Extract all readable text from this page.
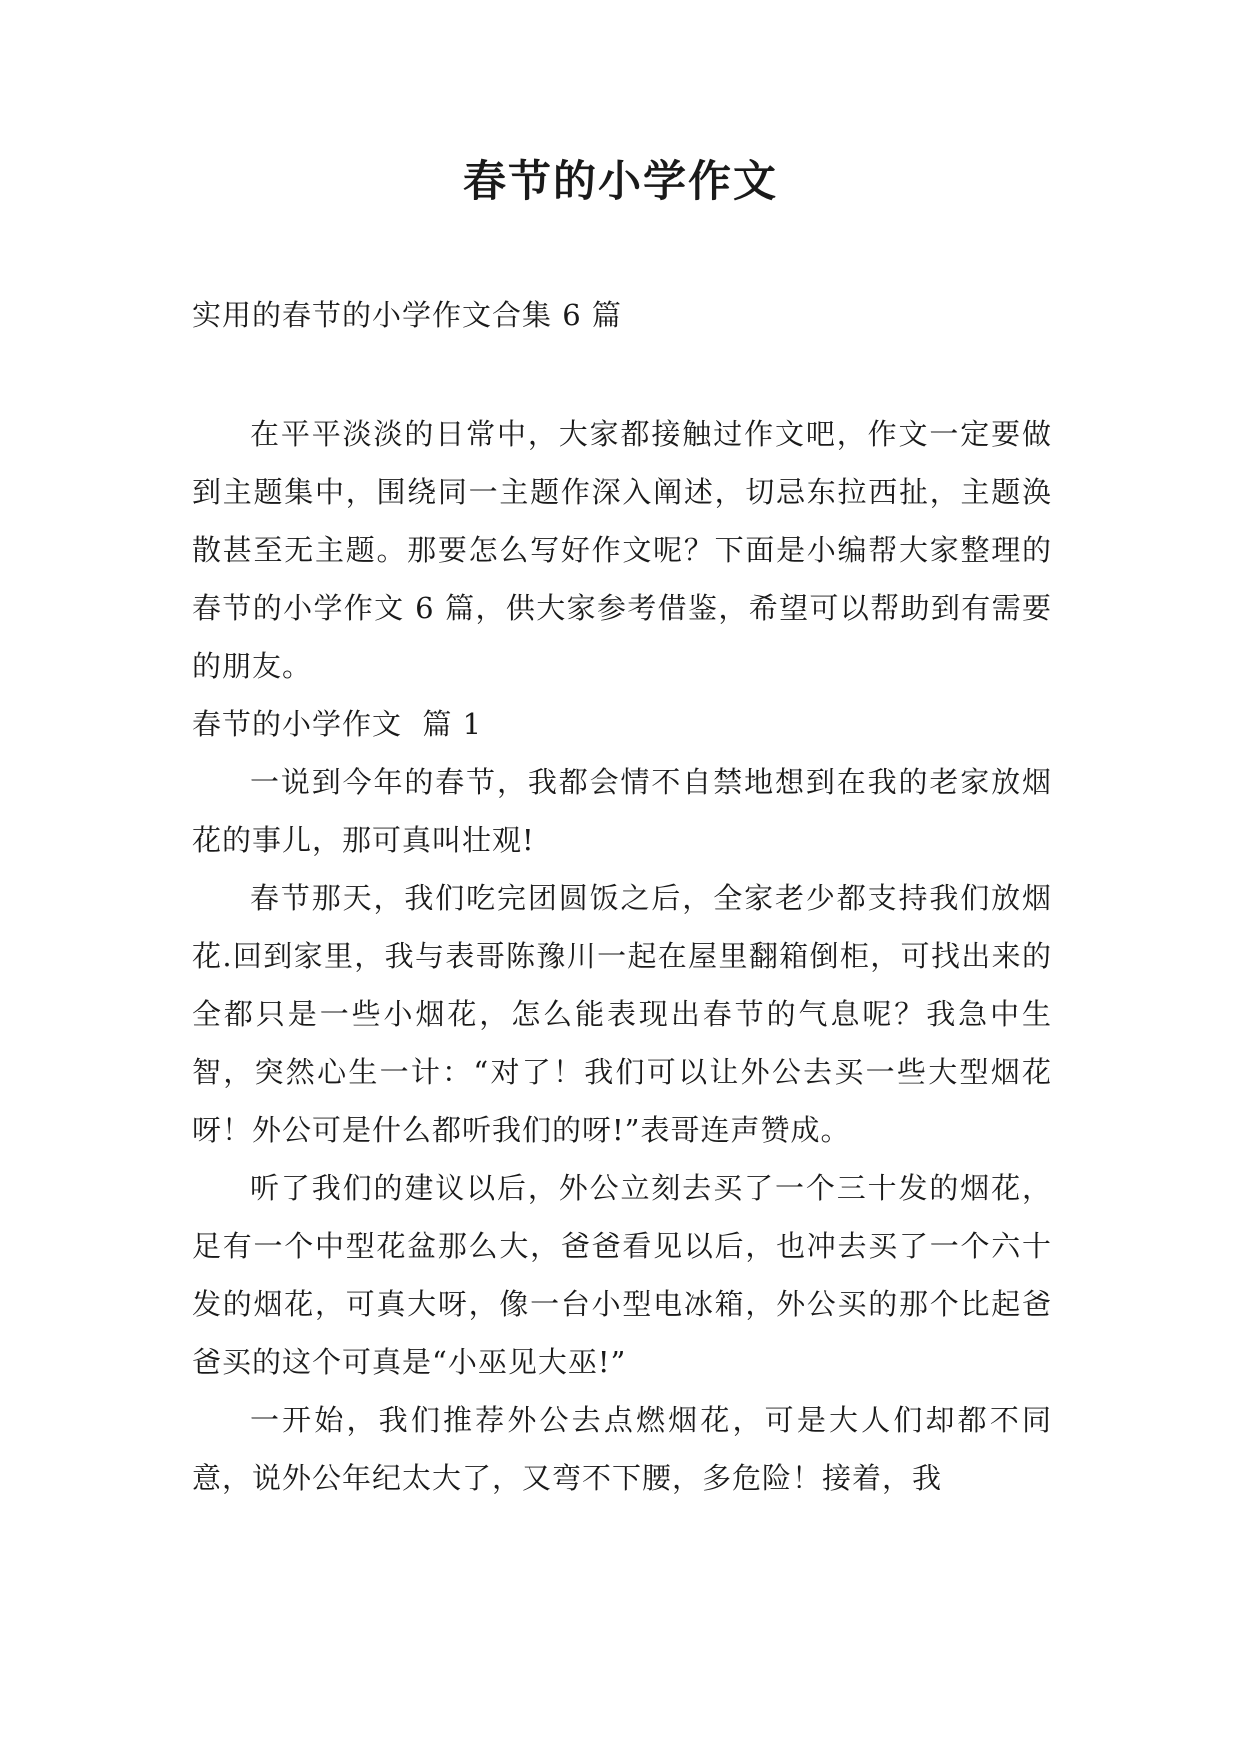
春节的小学作文

实用的春节的小学作文合集 6 篇

在平平淡淡的日常中，大家都接触过作文吧，作文一定要做到主题集中，围绕同一主题作深入阐述，切忌东拉西扯，主题涣散甚至无主题。那要怎么写好作文呢？下面是小编帮大家整理的春节的小学作文 6 篇，供大家参考借鉴，希望可以帮助到有需要的朋友。

春节的小学作文  篇 1

一说到今年的春节，我都会情不自禁地想到在我的老家放烟花的事儿，那可真叫壮观!

春节那天，我们吃完团圆饭之后，全家老少都支持我们放烟花.回到家里，我与表哥陈豫川一起在屋里翻箱倒柜，可找出来的全都只是一些小烟花，怎么能表现出春节的气息呢？我急中生智，突然心生一计：“对了！我们可以让外公去买一些大型烟花呀！外公可是什么都听我们的呀!”表哥连声赞成。

听了我们的建议以后，外公立刻去买了一个三十发的烟花，足有一个中型花盆那么大，爸爸看见以后，也冲去买了一个六十发的烟花，可真大呀，像一台小型电冰箱，外公买的那个比起爸爸买的这个可真是“小巫见大巫!”

一开始，我们推荐外公去点燃烟花，可是大人们却都不同意，说外公年纪太大了，又弯不下腰，多危险！接着，我
